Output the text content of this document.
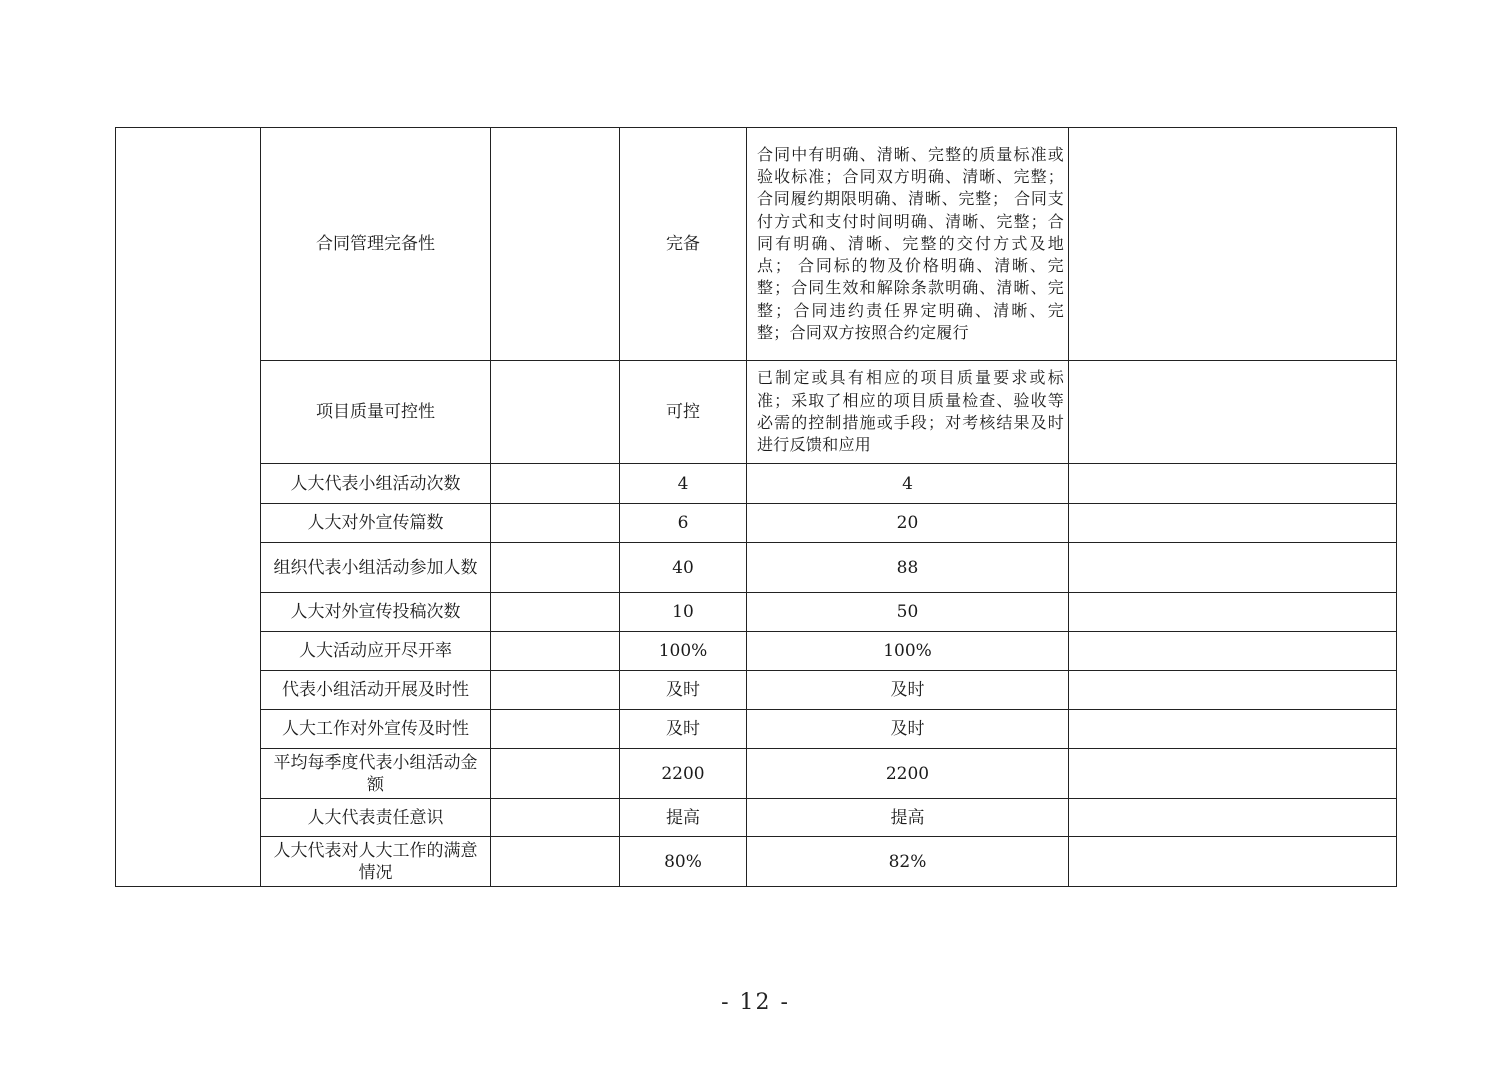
	合同管理完备性		完备	合同中有明确、清晰、完整的质量标准或验收标准；合同双方明确、清晰、完整；合同履约期限明确、清晰、完整； 合同支付方式和支付时间明确、清晰、完整；合同有明确、清晰、完整的交付方式及地点； 合同标的物及价格明确、清晰、完整；合同生效和解除条款明确、清晰、完整；合同违约责任界定明确、清晰、完整；合同双方按照合约定履行	
	项目质量可控性		可控	已制定或具有相应的项目质量要求或标准；采取了相应的项目质量检查、验收等必需的控制措施或手段；对考核结果及时进行反馈和应用	
	人大代表小组活动次数		4	4	
	人大对外宣传篇数		6	20	
	组织代表小组活动参加人数		40	88	
	人大对外宣传投稿次数		10	50	
	人大活动应开尽开率		100%	100%	
	代表小组活动开展及时性		及时	及时	
	人大工作对外宣传及时性		及时	及时	
	平均每季度代表小组活动金额		2200	2200	
	人大代表责任意识		提高	提高	
	人大代表对人大工作的满意情况		80%	82%	
- 12 -
